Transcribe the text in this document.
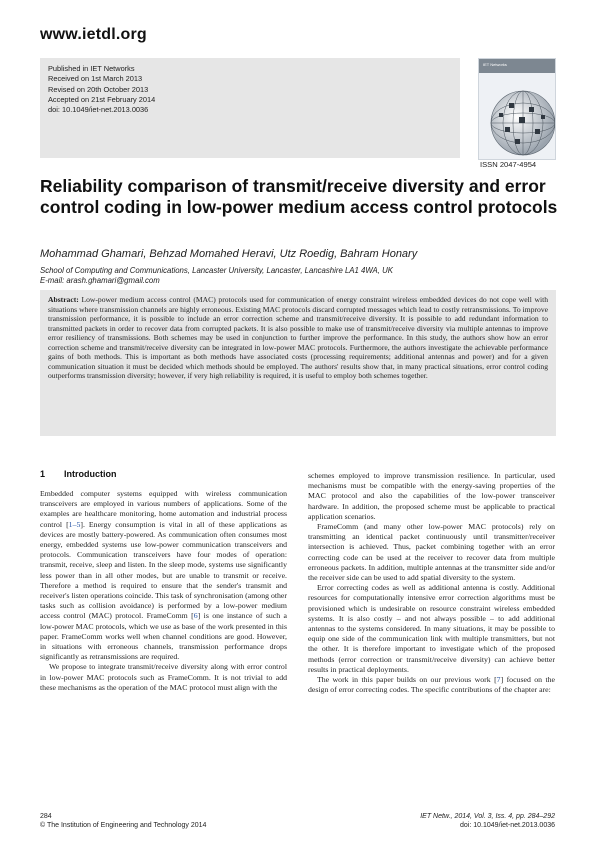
www.ietdl.org
Published in IET Networks
Received on 1st March 2013
Revised on 20th October 2013
Accepted on 21st February 2014
doi: 10.1049/iet-net.2013.0036
IET Networks
ISSN 2047-4954
Reliability comparison of transmit/receive diversity and error control coding in low-power medium access control protocols
Mohammad Ghamari, Behzad Momahed Heravi, Utz Roedig, Bahram Honary
School of Computing and Communications, Lancaster University, Lancaster, Lancashire LA1 4WA, UK
E-mail: arash.ghamari@gmail.com

Abstract: Low-power medium access control (MAC) protocols used for communication of energy constraint wireless embedded devices do not cope well with situations where transmission channels are highly erroneous. Existing MAC protocols discard corrupted messages which lead to costly retransmissions. To improve transmission performance, it is possible to include an error correction scheme and transmit/receive diversity. It is possible to add redundant information to transmitted packets in order to recover data from corrupted packets. It is also possible to make use of transmit/receive diversity via multiple antennas to improve error resiliency of transmissions. Both schemes may be used in conjunction to further improve the performance. In this study, the authors show how an error correction scheme and transmit/receive diversity can be integrated in low-power MAC protocols. Furthermore, the authors investigate the achievable performance gains of both methods. This is important as both methods have associated costs (processing requirements; additional antennas and power) and for a given communication situation it must be decided which methods should be employed. The authors' results show that, in many practical situations, error control coding outperforms transmission diversity; however, if very high reliability is required, it is useful to employ both schemes together.

1 Introduction

Embedded computer systems equipped with wireless communication transceivers are employed in various numbers of applications. Some of the examples are healthcare monitoring, home automation and industrial process control [1–5]. Energy consumption is vital in all of these applications as devices are mostly battery-powered. As communication often consumes most energy, embedded systems use low-power communication transceivers and protocols. Communication transceivers have four modes of operation: transmit, receive, sleep and listen. In the sleep mode, systems use significantly less power than in all other modes, but are unable to transmit or receive. Therefore a method is required to ensure that the sender's transmit and receiver's listen operations coincide. This task of synchronisation (among other tasks such as collision avoidance) is performed by a low-power medium access control (MAC) protocol. FrameComm [6] is one instance of such a low-power MAC protocols, which we use as base of the work presented in this paper. FrameComm works well when channel conditions are good. However, in situations with erroneous channels, transmission performance drops significantly as retransmissions are required.

We propose to integrate transmit/receive diversity along with error control in low-power MAC protocols such as FrameComm. It is not trivial to add these mechanisms as the operation of the MAC protocol must align with the

schemes employed to improve transmission resilience. In particular, used mechanisms must be compatible with the energy-saving properties of the MAC protocol and also the capabilities of the low-power transceiver hardware. In addition, the proposed scheme must be applicable to practical application scenarios.

FrameComm (and many other low-power MAC protocols) rely on transmitting an identical packet continuously until transmitter/receiver intersection is achieved. Thus, packet combining together with an error correcting code can be used at the receiver to recover data from multiple erroneous packets. In addition, multiple antennas at the transmitter side and/or the receiver side can be used to add spatial diversity to the system.

Error correcting codes as well as additional antenna is costly. Additional resources for computationally intensive error correction algorithms must be provisioned which is undesirable on resource constraint wireless embedded systems. It is also costly – and not always possible – to add additional antennas to the systems considered. In many situations, it may be possible to equip one side of the communication link with multiple transmitters, but not the other. It is therefore important to investigate which of the proposed methods (error correction or transmit/receive diversity) can achieve better results in practical deployments.

The work in this paper builds on our previous work [7] focused on the design of error correcting codes. The specific contributions of the chapter are:

284
© The Institution of Engineering and Technology 2014
IET Netw., 2014, Vol. 3, Iss. 4, pp. 284–292
doi: 10.1049/iet-net.2013.0036
